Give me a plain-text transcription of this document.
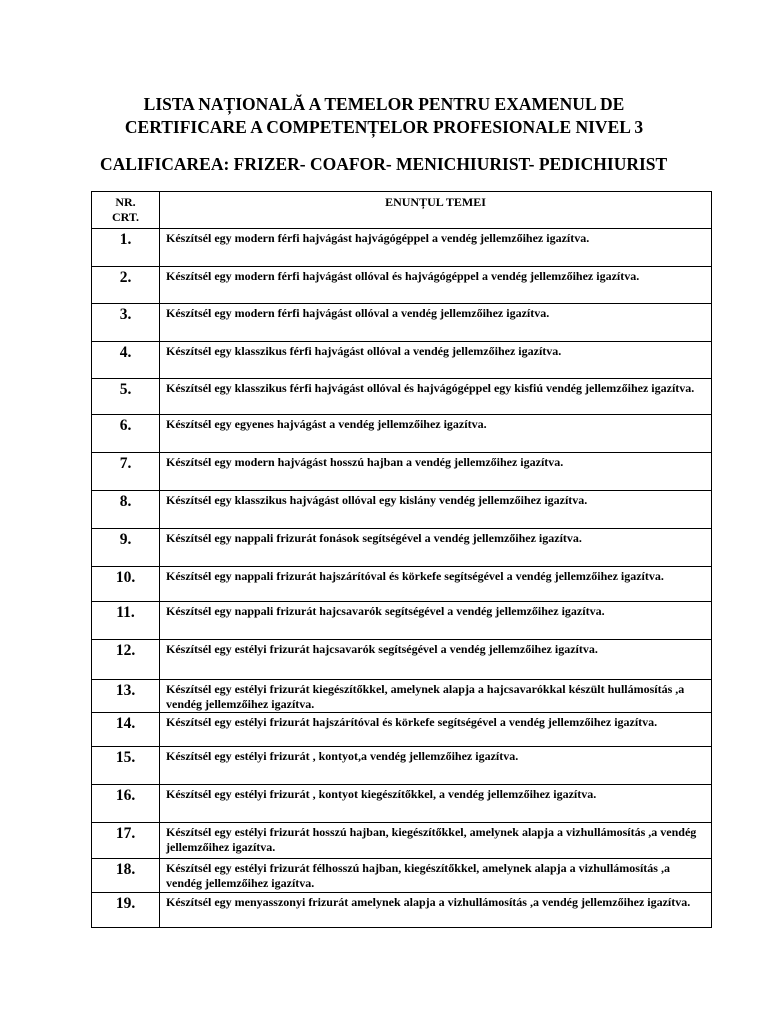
LISTA NAȚIONALĂ A TEMELOR PENTRU EXAMENUL DE
CERTIFICARE A COMPETENȚELOR PROFESIONALE NIVEL 3
CALIFICAREA: FRIZER- COAFOR- MENICHIURIST- PEDICHIURIST
NR.
CRT.	ENUNȚUL TEMEI
1.	Készítsél egy modern férfi hajvágást hajvágógéppel a vendég jellemzőihez igazítva.
2.	Készítsél egy modern férfi hajvágást ollóval és hajvágógéppel a vendég jellemzőihez igazítva.
3.	Készítsél egy modern férfi hajvágást ollóval a vendég jellemzőihez igazítva.
4.	Készítsél egy klasszikus férfi hajvágást ollóval a vendég jellemzőihez igazítva.
5.	Készítsél egy klasszikus férfi hajvágást ollóval és hajvágógéppel egy kisfiú vendég jellemzőihez igazítva.
6.	Készítsél egy egyenes hajvágást a vendég jellemzőihez igazítva.
7.	Készítsél egy modern hajvágást hosszú hajban a vendég jellemzőihez igazítva.
8.	Készítsél egy klasszikus hajvágást ollóval egy kislány vendég jellemzőihez igazítva.
9.	Készítsél egy nappali frizurát fonások segítségével a vendég jellemzőihez igazítva.
10.	Készítsél egy nappali frizurát hajszárítóval és körkefe segítségével a vendég jellemzőihez igazítva.
11.	Készítsél egy nappali frizurát hajcsavarók segítségével a vendég jellemzőihez igazítva.
12.	Készítsél egy estélyi frizurát hajcsavarók segítségével a vendég jellemzőihez igazítva.
13.	Készítsél egy estélyi frizurát kiegészítőkkel, amelynek alapja a hajcsavarókkal készült hullámosítás ,a vendég jellemzőihez igazítva.
14.	Készítsél egy estélyi frizurát hajszárítóval és körkefe segítségével a vendég jellemzőihez igazítva.
15.	Készítsél egy estélyi frizurát , kontyot,a vendég jellemzőihez igazítva.
16.	Készítsél egy estélyi frizurát , kontyot kiegészítőkkel, a vendég jellemzőihez igazítva.
17.	Készítsél egy estélyi frizurát hosszú hajban, kiegészítőkkel, amelynek alapja a vizhullámosítás ,a vendég jellemzőihez igazítva.
18.	Készítsél egy estélyi frizurát félhosszú hajban, kiegészítőkkel, amelynek alapja a vizhullámosítás ,a vendég jellemzőihez igazítva.
19.	Készítsél egy menyasszonyi frizurát amelynek alapja a vizhullámosítás ,a vendég jellemzőihez igazítva.
